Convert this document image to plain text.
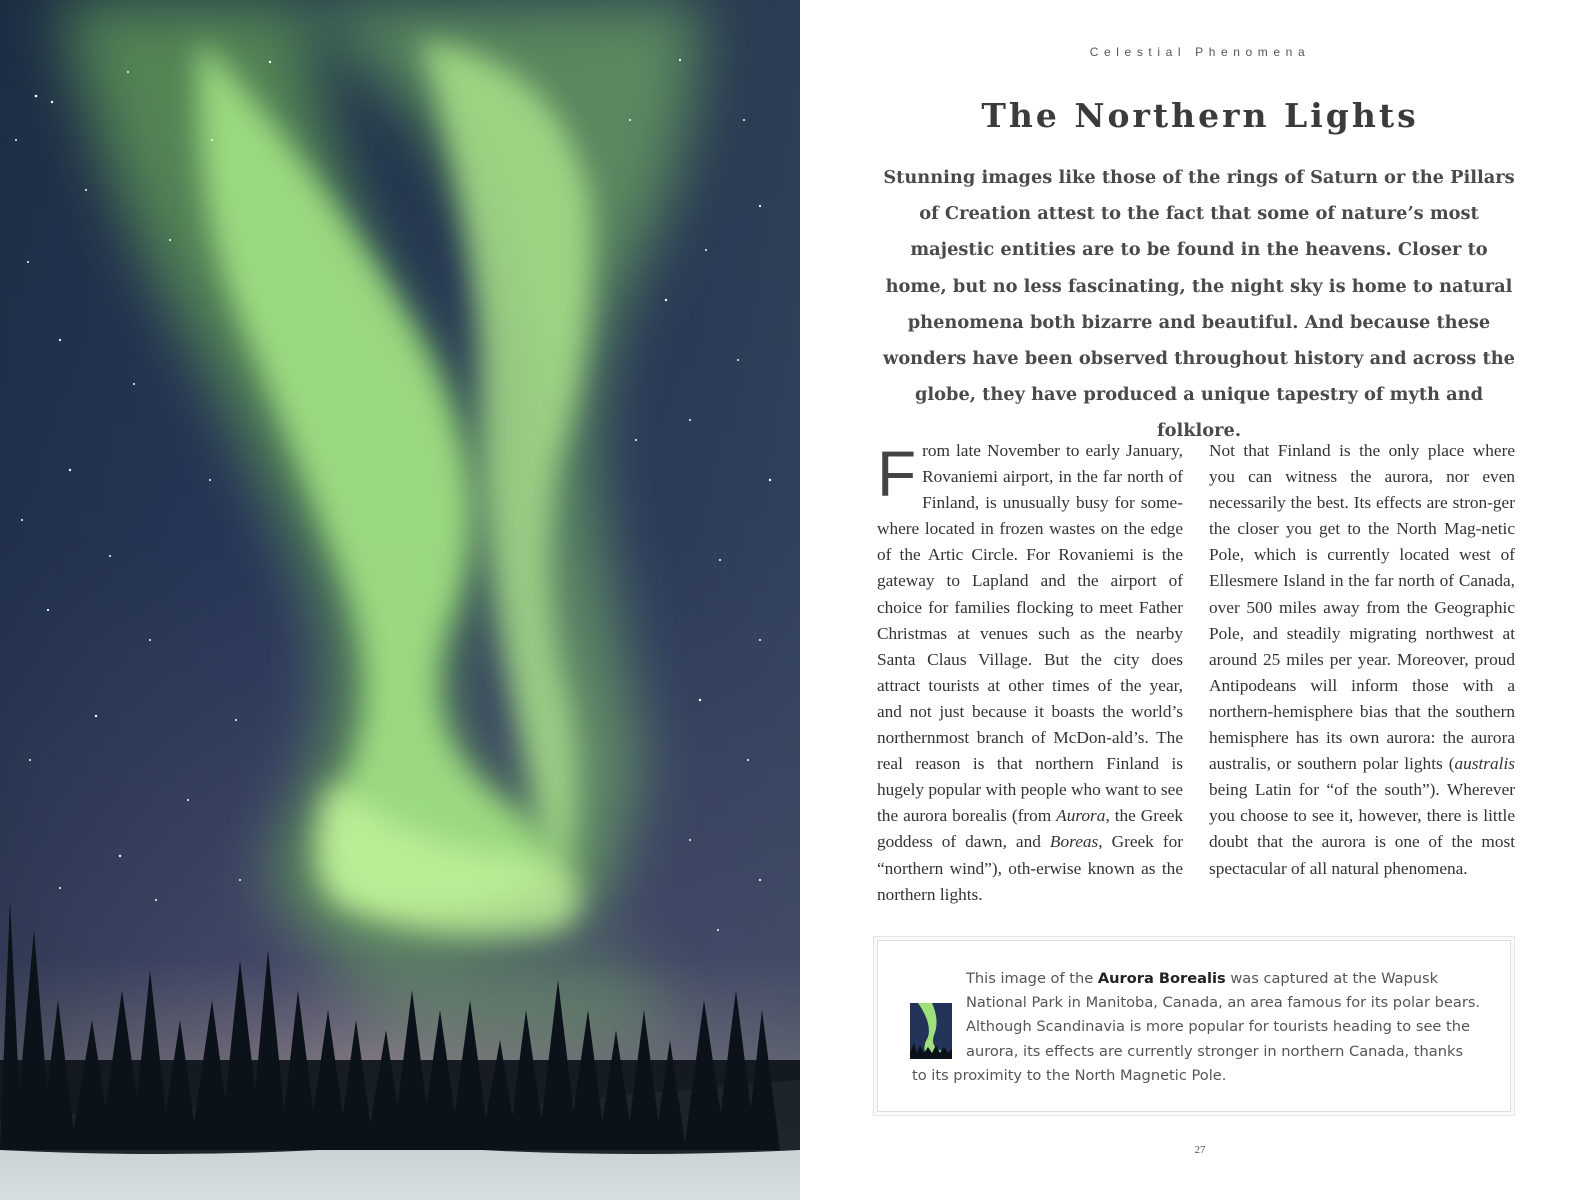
Celestial Phenomena
The Northern Lights

Stunning images like those of the rings of Saturn or the Pillars of Creation attest to the fact that some of nature’s most majestic entities are to be found in the heavens. Closer to home, but no less fascinating, the night sky is home to natural phenomena both bizarre and beautiful. And because these wonders have been observed throughout history and across the globe, they have produced a unique tapestry of myth and folklore.

From late November to early January, Rovaniemi airport, in the far north of Finland, is unusually busy for some-where located in frozen wastes on the edge of the Artic Circle. For Rovaniemi is the gateway to Lapland and the airport of choice for families flocking to meet Father Christmas at venues such as the nearby Santa Claus Village. But the city does attract tourists at other times of the year, and not just because it boasts the world’s northernmost branch of McDon-ald’s. The real reason is that northern Finland is hugely popular with people who want to see the aurora borealis (from Aurora, the Greek goddess of dawn, and Boreas, Greek for “northern wind”), oth-erwise known as the northern lights.

Not that Finland is the only place where you can witness the aurora, nor even necessarily the best. Its effects are stron-ger the closer you get to the North Mag-netic Pole, which is currently located west of Ellesmere Island in the far north of Canada, over 500 miles away from the Geographic Pole, and steadily migrating northwest at around 25 miles per year. Moreover, proud Antipodeans will inform those with a northern-hemisphere bias that the southern hemisphere has its own aurora: the aurora australis, or southern polar lights (australis being Latin for “of the south”). Wherever you choose to see it, however, there is little doubt that the aurora is one of the most spectacular of all natural phenomena.

This image of the Aurora Borealis was captured at the Wapusk National Park in Manitoba, Canada, an area famous for its polar bears. Although Scandinavia is more popular for tourists heading to see the aurora, its effects are currently stronger in northern Canada, thanks to its proximity to the North Magnetic Pole.

27
